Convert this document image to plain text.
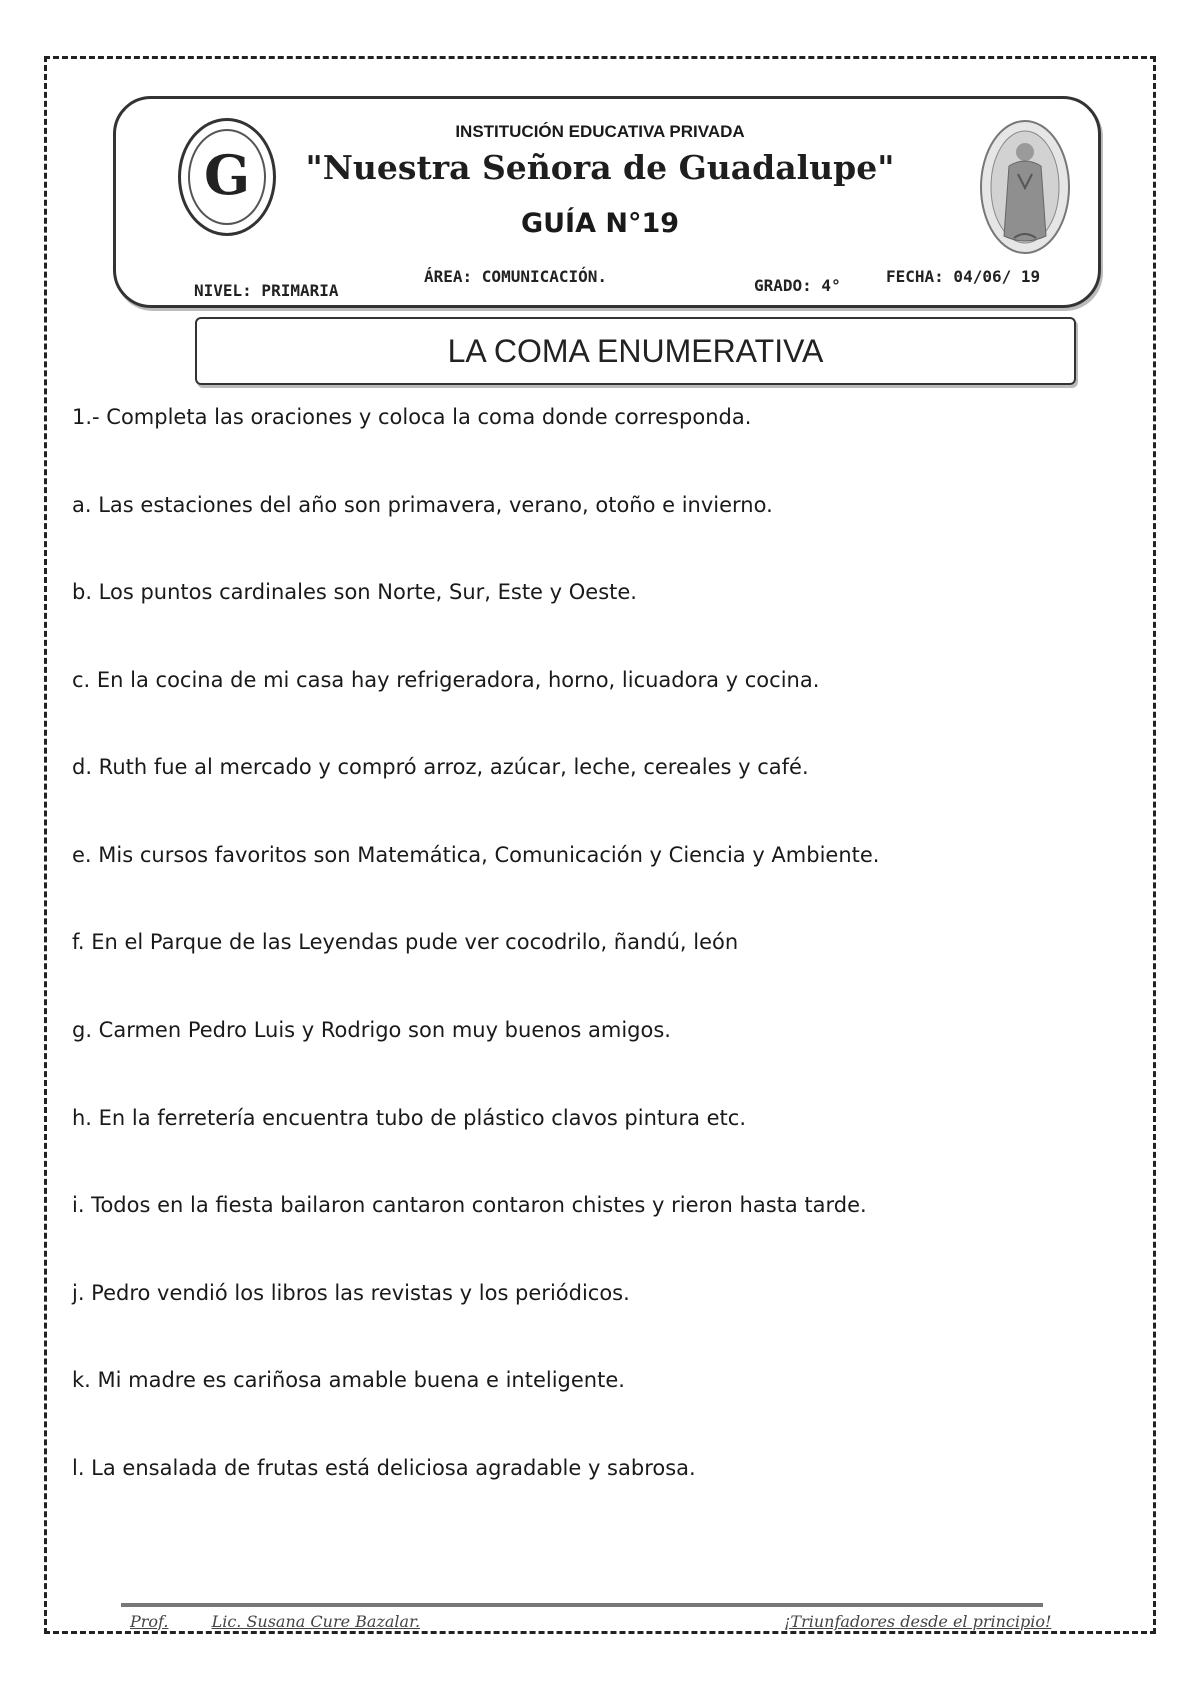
G
INSTITUCIÓN EDUCATIVA PRIVADA
"Nuestra Señora de Guadalupe"
GUÍA N°19
NIVEL: PRIMARIA
ÁREA: COMUNICACIÓN.	GRADO: 4°	FECHA: 04/06/ 19
LA COMA ENUMERATIVA
1.- Completa las oraciones y coloca la coma donde corresponda.
a. Las estaciones del año son primavera, verano, otoño e invierno.
b. Los puntos cardinales son Norte, Sur, Este y Oeste.
c. En la cocina de mi casa hay refrigeradora, horno, licuadora y cocina.
d. Ruth fue al mercado y compró arroz, azúcar, leche, cereales y café.
e. Mis cursos favoritos son Matemática, Comunicación y Ciencia y Ambiente.
f. En el Parque de las Leyendas pude ver cocodrilo, ñandú, león
g. Carmen Pedro Luis y Rodrigo son muy buenos amigos.
h. En la ferretería encuentra tubo de plástico clavos pintura etc.
i. Todos en la fiesta bailaron cantaron contaron chistes y rieron hasta tarde.
j. Pedro vendió los libros las revistas y los periódicos.
k. Mi madre es cariñosa amable buena e inteligente.
l. La ensalada de frutas está deliciosa agradable y sabrosa.
Prof.	Lic. Susana Cure Bazalar.	¡Triunfadores desde el principio!
